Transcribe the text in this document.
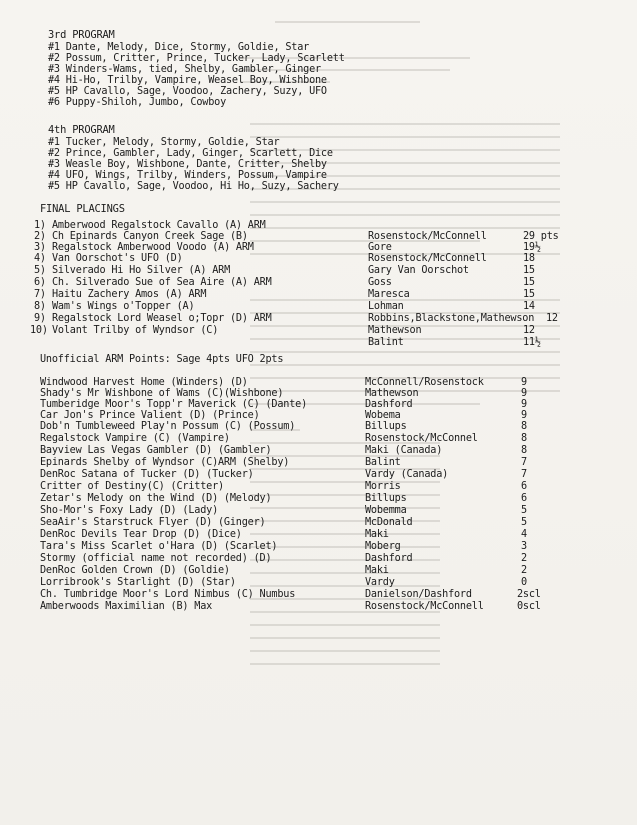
3rd PROGRAM
#1 Dante, Melody, Dice, Stormy, Goldie, Star
#2 Possum, Critter, Prince, Tucker, Lady, Scarlett
#3 Winders-Wams, tied, Shelby, Gambler, Ginger
#4 Hi-Ho, Trilby, Vampire, Weasel Boy, Wishbone
#5 HP Cavallo, Sage, Voodoo, Zachery, Suzy, UFO
#6 Puppy-Shiloh, Jumbo, Cowboy
4th PROGRAM
#1 Tucker, Melody, Stormy, Goldie, Star
#2 Prince, Gambler, Lady, Ginger, Scarlett, Dice
#3 Weasle Boy, Wishbone, Dante, Critter, Shelby
#4 UFO, Wings, Trilby, Winders, Possum, Vampire
#5 HP Cavallo, Sage, Voodoo, Hi Ho, Suzy, Sachery
FINAL PLACINGS
1) Amberwood Regalstock Cavallo (A) ARM
2) Ch Epinards Canyon Creek Sage (B)	Rosenstock/McConnell	29 pts
3) Regalstock Amberwood Voodo (A) ARM	Gore	19½
4) Van Oorschot's UFO (D)	Rosenstock/McConnell	18
5) Silverado Hi Ho Silver (A) ARM	Gary Van Oorschot	15
6) Ch. Silverado Sue of Sea Aire (A) ARM	Goss	15
7) Haitu Zachery Amos (A) ARM	Maresca	15
8) Wam's Wings o'Topper (A)	Lohman	14
9) Regalstock Lord Weasel o;Topr (D) ARM	Robbins,Blackstone,Mathewson 12
10) Volant Trilby of Wyndsor (C)	Mathewson	12
Balint	11½
Unofficial ARM Points: Sage 4pts UFO 2pts
Windwood Harvest Home (Winders) (D)	McConnell/Rosenstock	9
Shady's Mr Wishbone of Wams (C)(Wishbone)	Mathewson	9
Tumberidge Moor's Topp'r Maverick (C) (Dante)	Dashford	9
Car Jon's Prince Valient (D) (Prince)	Wobema	9
Dob'n Tumbleweed Play'n Possum (C) (Possum)	Billups	8
Regalstock Vampire (C) (Vampire)	Rosenstock/McConnel	8
Bayview Las Vegas Gambler (D) (Gambler)	Maki (Canada)	8
Epinards Shelby of Wyndsor (C)ARM (Shelby)	Balint	7
DenRoc Satana of Tucker (D) (Tucker)	Vardy (Canada)	7
Critter of Destiny(C) (Critter)	Morris	6
Zetar's Melody on the Wind (D) (Melody)	Billups	6
Sho-Mor's Foxy Lady (D) (Lady)	Wobemma	5
SeaAir's Starstruck Flyer (D) (Ginger)	McDonald	5
DenRoc Devils Tear Drop (D) (Dice)	Maki	4
Tara's Miss Scarlet o'Hara (D) (Scarlet)	Moberg	3
Stormy (official name not recorded) (D)	Dashford	2
DenRoc Golden Crown (D) (Goldie)	Maki	2
Lorribrook's Starlight (D) (Star)	Vardy	0
Ch. Tumbridge Moor's Lord Nimbus (C) Numbus	Danielson/Dashford	2scl
Amberwoods Maximilian (B) Max	Rosenstock/McConnell	0scl
